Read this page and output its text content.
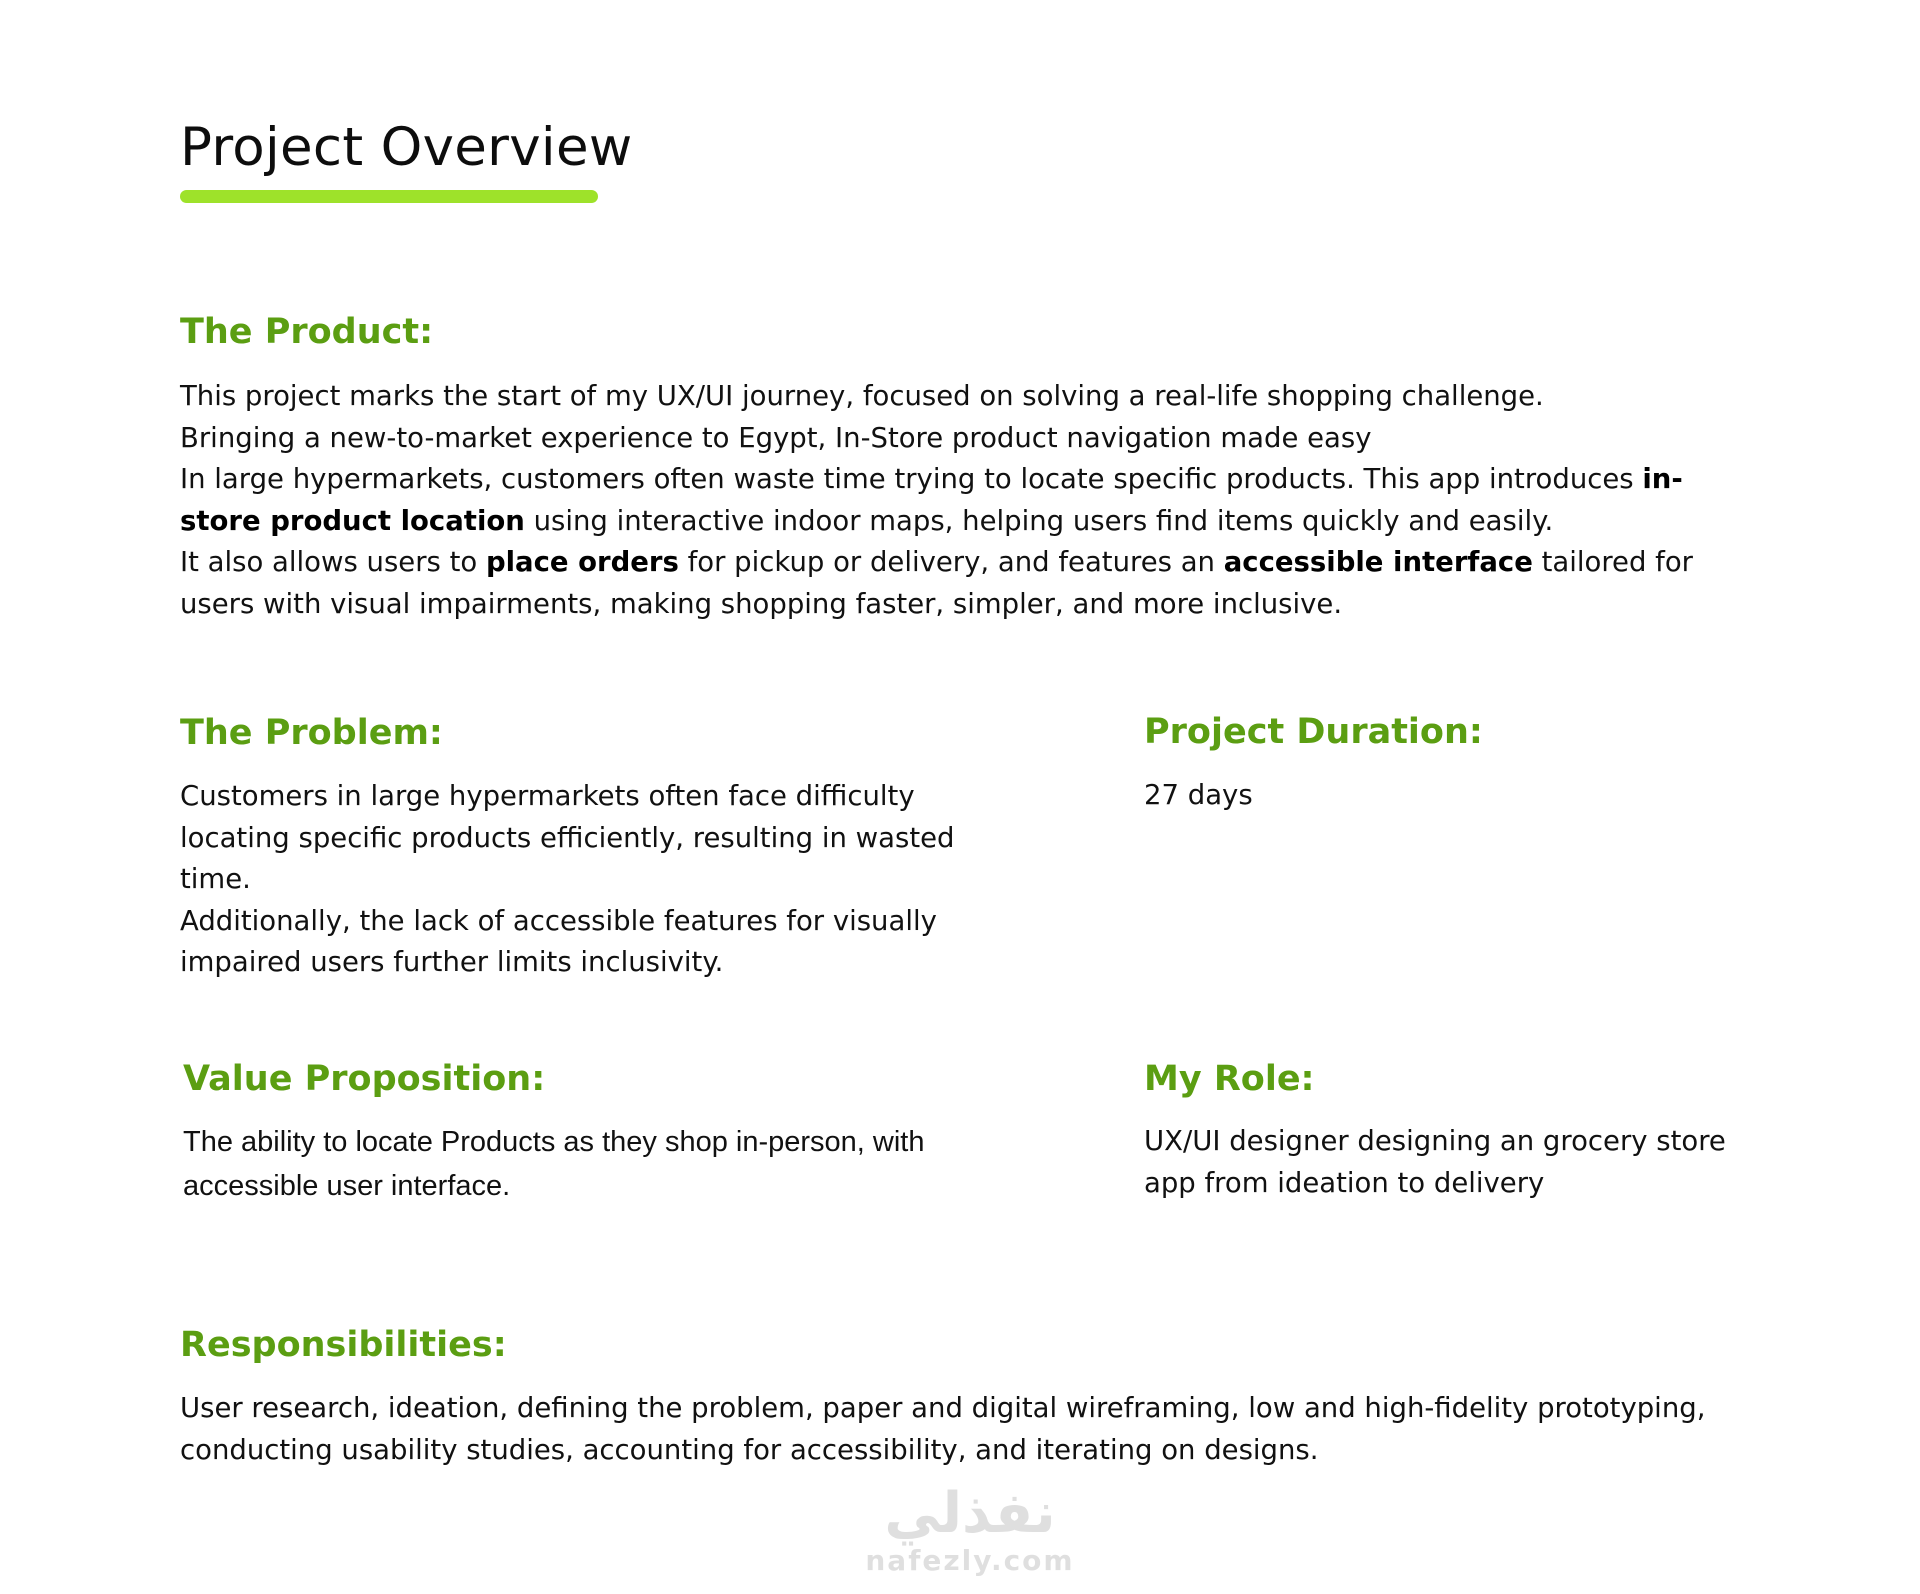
Project Overview
The Product:

This project marks the start of my UX/UI journey, focused on solving a real-life shopping challenge.

Bringing a new-to-market experience to Egypt, In-Store product navigation made easy

In large hypermarkets, customers often waste time trying to locate specific products. This app introduces in-store product location using interactive indoor maps, helping users find items quickly and easily.

It also allows users to place orders for pickup or delivery, and features an accessible interface tailored for users with visual impairments, making shopping faster, simpler, and more inclusive.

The Problem:

Customers in large hypermarkets often face difficulty locating specific products efficiently, resulting in wasted time.

Additionally, the lack of accessible features for visually impaired users further limits inclusivity.

Project Duration:

27 days

Value Proposition:

The ability to locate Products as they shop in-person, with accessible user interface.

My Role:

UX/UI designer designing an grocery store app from ideation to delivery

Responsibilities:

User research, ideation, defining the problem, paper and digital wireframing, low and high-fidelity prototyping, conducting usability studies, accounting for accessibility, and iterating on designs.

نفذلي
nafezly.com
